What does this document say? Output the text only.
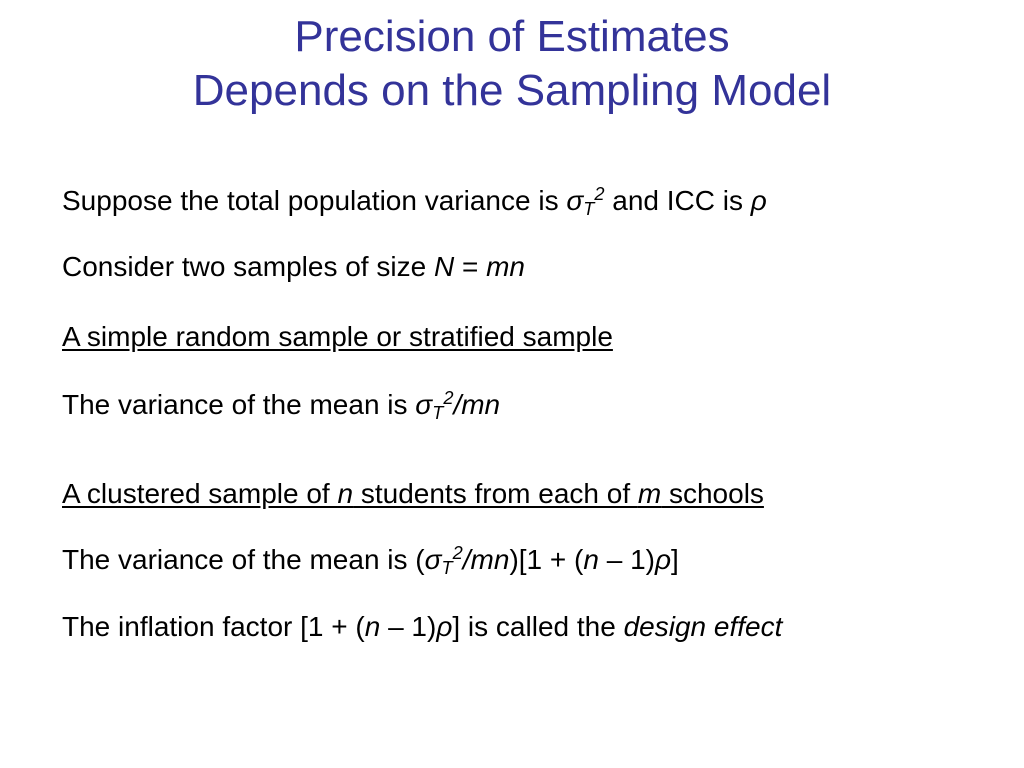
Precision of Estimates
Depends on the Sampling Model
Suppose the total population variance is $\sigma_T^2$ and ICC is ρ
Consider two samples of size N = mn
A simple random sample or stratified sample
The variance of the mean is $\sigma_T^2/mn$
A clustered sample of n students from each of m schools
The variance of the mean is $(\sigma_T^2/mn)[1 + (n - 1)\rho]$
The inflation factor [1 + (n – 1)ρ] is called the design effect
